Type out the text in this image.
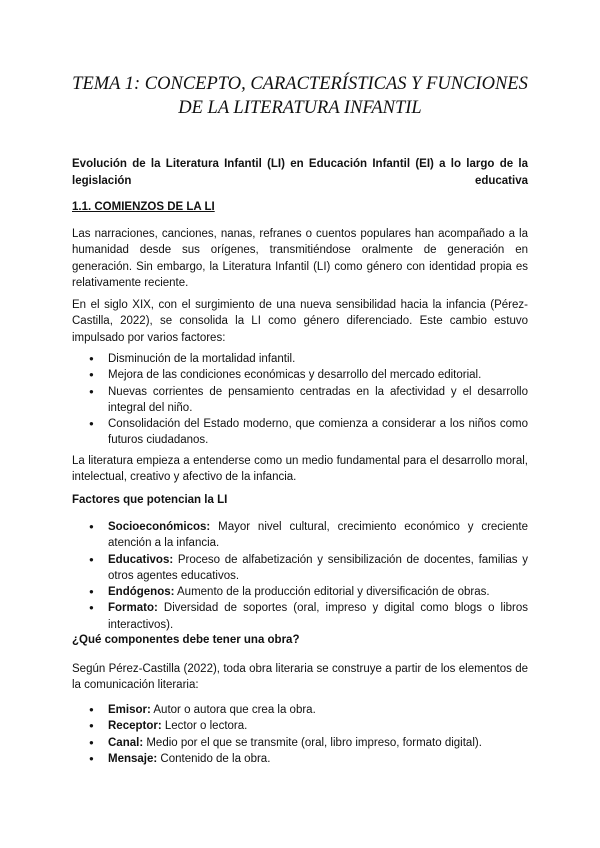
TEMA 1: CONCEPTO, CARACTERÍSTICAS Y FUNCIONES
DE LA LITERATURA INFANTIL

Evolución de la Literatura Infantil (LI) en Educación Infantil (EI) a lo largo de la legislación educativa

1.1. COMIENZOS DE LA LI

Las narraciones, canciones, nanas, refranes o cuentos populares han acompañado a la humanidad desde sus orígenes, transmitiéndose oralmente de generación en generación. Sin embargo, la Literatura Infantil (LI) como género con identidad propia es relativamente reciente.

En el siglo XIX, con el surgimiento de una nueva sensibilidad hacia la infancia (Pérez-Castilla, 2022), se consolida la LI como género diferenciado. Este cambio estuvo impulsado por varios factores:

● Disminución de la mortalidad infantil.
● Mejora de las condiciones económicas y desarrollo del mercado editorial.
● Nuevas corrientes de pensamiento centradas en la afectividad y el desarrollo integral del niño.
● Consolidación del Estado moderno, que comienza a considerar a los niños como futuros ciudadanos.

La literatura empieza a entenderse como un medio fundamental para el desarrollo moral, intelectual, creativo y afectivo de la infancia.

Factores que potencian la LI
● Socioeconómicos: Mayor nivel cultural, crecimiento económico y creciente atención a la infancia.
● Educativos: Proceso de alfabetización y sensibilización de docentes, familias y otros agentes educativos.
● Endógenos: Aumento de la producción editorial y diversificación de obras.
● Formato: Diversidad de soportes (oral, impreso y digital como blogs o libros interactivos).
¿Qué componentes debe tener una obra?

Según Pérez-Castilla (2022), toda obra literaria se construye a partir de los elementos de la comunicación literaria:

● Emisor: Autor o autora que crea la obra.
● Receptor: Lector o lectora.
● Canal: Medio por el que se transmite (oral, libro impreso, formato digital).
● Mensaje: Contenido de la obra.
